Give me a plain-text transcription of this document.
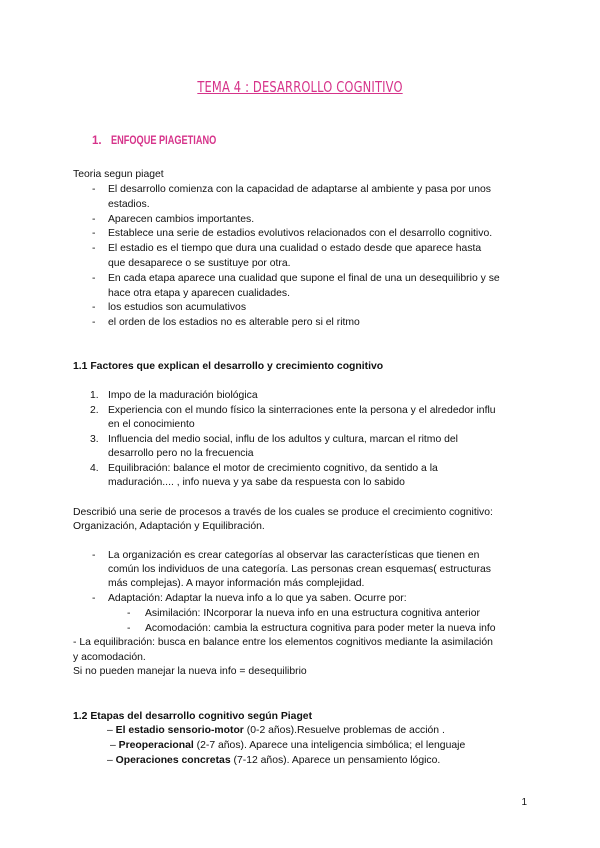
TEMA 4 : DESARROLLO COGNITIVO
1. ENFOQUE PIAGETIANO
Teoria segun piaget
- El desarrollo comienza con la capacidad de adaptarse al ambiente y pasa por unos
estadios.
- Aparecen cambios importantes.
- Establece una serie de estadios evolutivos relacionados con el desarrollo cognitivo.
- El estadio es el tiempo que dura una cualidad o estado desde que aparece hasta
que desaparece o se sustituye por otra.
- En cada etapa aparece una cualidad que supone el final de una un desequilibrio y se
hace otra etapa y aparecen cualidades.
- los estudios son acumulativos
- el orden de los estadios no es alterable pero si el ritmo
1.1 Factores que explican el desarrollo y crecimiento cognitivo
1. Impo de la maduración biológica
2. Experiencia con el mundo físico la sinterraciones ente la persona y el alrededor influ
en el conocimiento
3. Influencia del medio social, influ de los adultos y cultura, marcan el ritmo del
desarrollo pero no la frecuencia
4. Equilibración: balance el motor de crecimiento cognitivo, da sentido a la
maduración.... , info nueva y ya sabe da respuesta con lo sabido
Describió una serie de procesos a través de los cuales se produce el crecimiento cognitivo:
Organización, Adaptación y Equilibración.
- La organización es crear categorías al observar las características que tienen en
común los individuos de una categoría. Las personas crean esquemas( estructuras
más complejas). A mayor información más complejidad.
- Adaptación: Adaptar la nueva info a lo que ya saben. Ocurre por:
- Asimilación: INcorporar la nueva info en una estructura cognitiva anterior
- Acomodación: cambia la estructura cognitiva para poder meter la nueva info
- La equilibración: busca en balance entre los elementos cognitivos mediante la asimilación
y acomodación.
Si no pueden manejar la nueva info = desequilibrio
1.2 Etapas del desarrollo cognitivo según Piaget
– El estadio sensorio-motor (0-2 años).Resuelve problemas de acción .
– Preoperacional (2-7 años). Aparece una inteligencia simbólica; el lenguaje
– Operaciones concretas (7-12 años). Aparece un pensamiento lógico.
1
